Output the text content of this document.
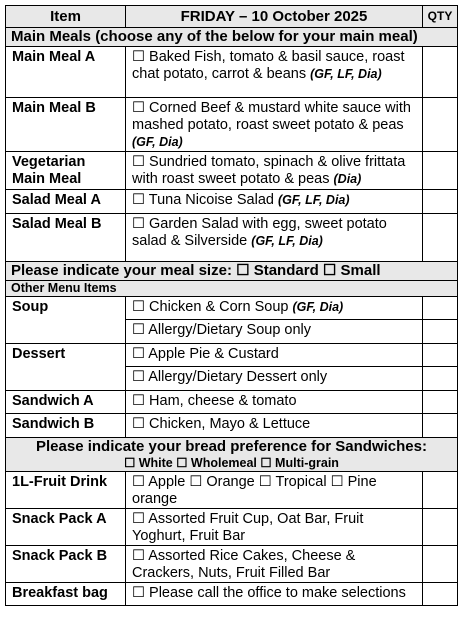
Item	FRIDAY – 10 October 2025	QTY
Main Meals (choose any of the below for your main meal)		
Main Meal A	☐ Baked Fish, tomato & basil sauce, roast chat potato, carrot & beans (GF, LF, Dia)	
Main Meal B	☐ Corned Beef & mustard white sauce with mashed potato, roast sweet potato & peas (GF, Dia)	
Vegetarian Main Meal	☐ Sundried tomato, spinach & olive frittata with roast sweet potato & peas (Dia)	
Salad Meal A	☐ Tuna Nicoise Salad (GF, LF, Dia)	
Salad Meal B	☐ Garden Salad with egg, sweet potato salad & Silverside (GF, LF, Dia)	
Please indicate your meal size: ☐ Standard ☐ Small		
Other Menu Items		
Soup	☐ Chicken & Corn Soup (GF, Dia)	
	☐ Allergy/Dietary Soup only	
Dessert	☐ Apple Pie & Custard	
	☐ Allergy/Dietary Dessert only	
Sandwich A	☐ Ham, cheese & tomato	
Sandwich B	☐ Chicken, Mayo & Lettuce	

Please indicate your bread preference for Sandwiches:
☐ White ☐ Wholemeal ☐ Multi-grain		

1L-Fruit Drink	☐ Apple ☐ Orange ☐ Tropical ☐ Pine orange	
Snack Pack A	☐ Assorted Fruit Cup, Oat Bar, Fruit Yoghurt, Fruit Bar	
Snack Pack B	☐ Assorted Rice Cakes, Cheese & Crackers, Nuts, Fruit Filled Bar	
Breakfast bag	☐ Please call the office to make selections	
